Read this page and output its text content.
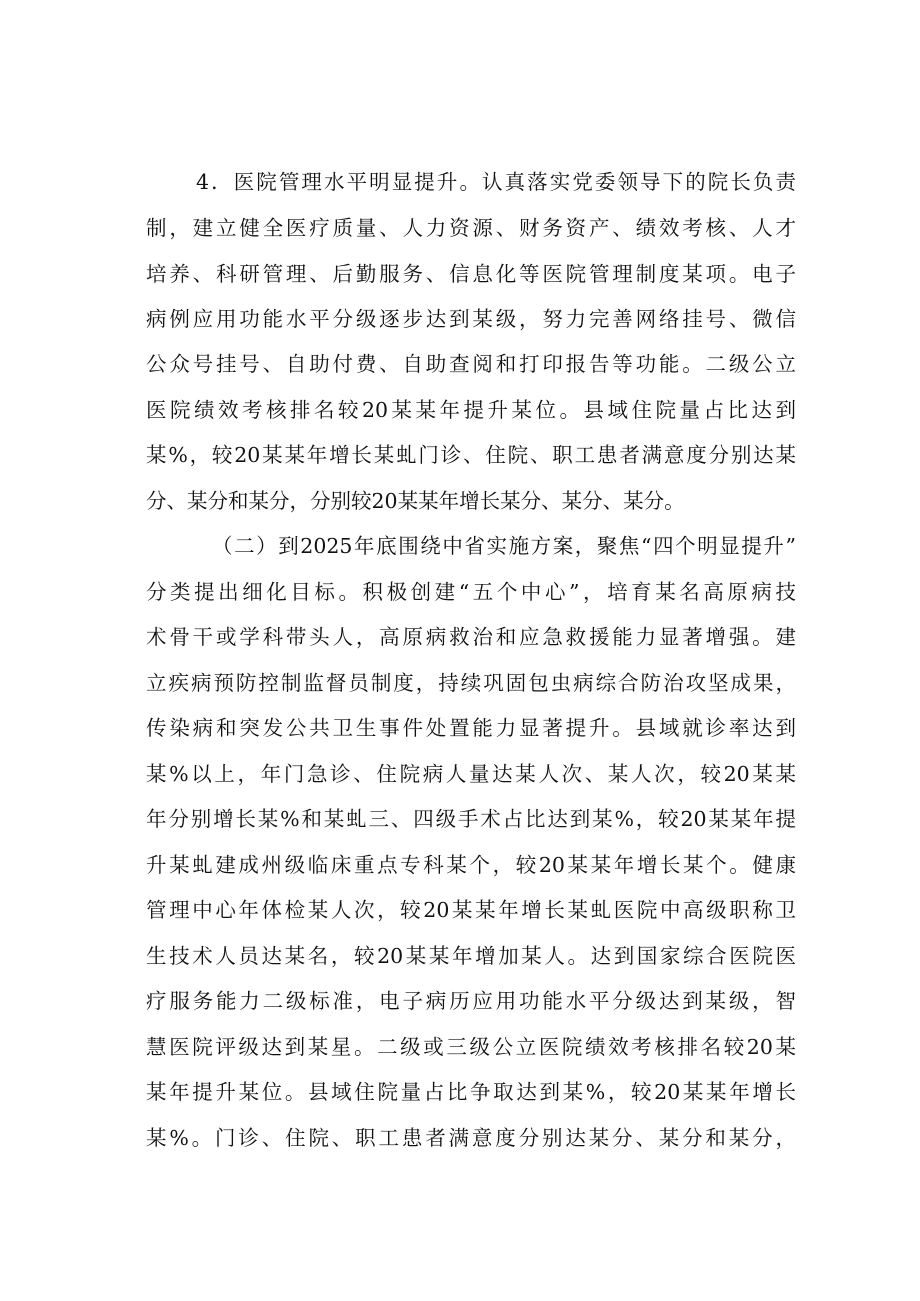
4．医院管理水平明显提升。认真落实党委领导下的院长负责
制，建立健全医疗质量、人力资源、财务资产、绩效考核、人才
培养、科研管理、后勤服务、信息化等医院管理制度某项。电子
病例应用功能水平分级逐步达到某级，努力完善网络挂号、微信
公众号挂号、自助付费、自助查阅和打印报告等功能。二级公立
医院绩效考核排名较20某某年提升某位。县域住院量占比达到
某%，较20某某年增长某虬门诊、住院、职工患者满意度分别达某
分、某分和某分，分别较20某某年增长某分、某分、某分。
（二）到2025年底围绕中省实施方案，聚焦“四个明显提升”
分类提出细化目标。积极创建“五个中心”，培育某名高原病技
术骨干或学科带头人，高原病救治和应急救援能力显著增强。建
立疾病预防控制监督员制度，持续巩固包虫病综合防治攻坚成果，
传染病和突发公共卫生事件处置能力显著提升。县域就诊率达到
某%以上，年门急诊、住院病人量达某人次、某人次，较20某某
年分别增长某%和某虬三、四级手术占比达到某%，较20某某年提
升某虬建成州级临床重点专科某个，较20某某年增长某个。健康
管理中心年体检某人次，较20某某年增长某虬医院中高级职称卫
生技术人员达某名，较20某某年增加某人。达到国家综合医院医
疗服务能力二级标准，电子病历应用功能水平分级达到某级，智
慧医院评级达到某星。二级或三级公立医院绩效考核排名较20某
某年提升某位。县域住院量占比争取达到某%，较20某某年增长
某%。门诊、住院、职工患者满意度分别达某分、某分和某分，
